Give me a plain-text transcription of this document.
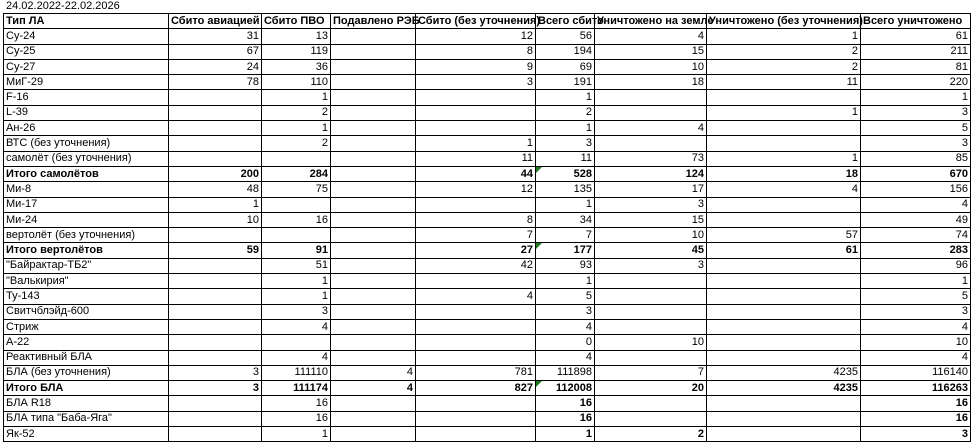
24.02.2022-22.02.2026
Тип ЛА	Сбито авиацией	Сбито ПВО	Подавлено РЭБ	Сбито (без уточнения)	Всего сбито	Уничтожено на земле	Уничтожено (без уточнения)	Всего уничтожено
Су-24	31	13		12	56	4	1	61
Су-25	67	119		8	194	15	2	211
Су-27	24	36		9	69	10	2	81
МиГ-29	78	110		3	191	18	11	220
F-16		1			1			1
L-39		2			2		1	3
Ан-26		1			1	4		5
ВТС (без уточнения)		2		1	3			3
самолёт (без уточнения)				11	11	73	1	85
Итого самолётов	200	284		44	528	124	18	670
Ми-8	48	75		12	135	17	4	156
Ми-17	1				1	3		4
Ми-24	10	16		8	34	15		49
вертолёт (без уточнения)				7	7	10	57	74
Итого вертолётов	59	91		27	177	45	61	283
"Байрактар-ТБ2"		51		42	93	3		96
"Валькирия"		1			1			1
Ту-143		1		4	5			5
Свитчблэйд-600		3			3			3
Стриж		4			4			4
А-22					0	10		10
Реактивный БЛА		4			4			4
БЛА (без уточнения)	3	111110	4	781	111898	7	4235	116140
Итого БЛА	3	111174	4	827	112008	20	4235	116263
БЛА R18		16			16			16
БЛА типа "Баба-Яга"		16			16			16
Як-52		1			1	2		3
